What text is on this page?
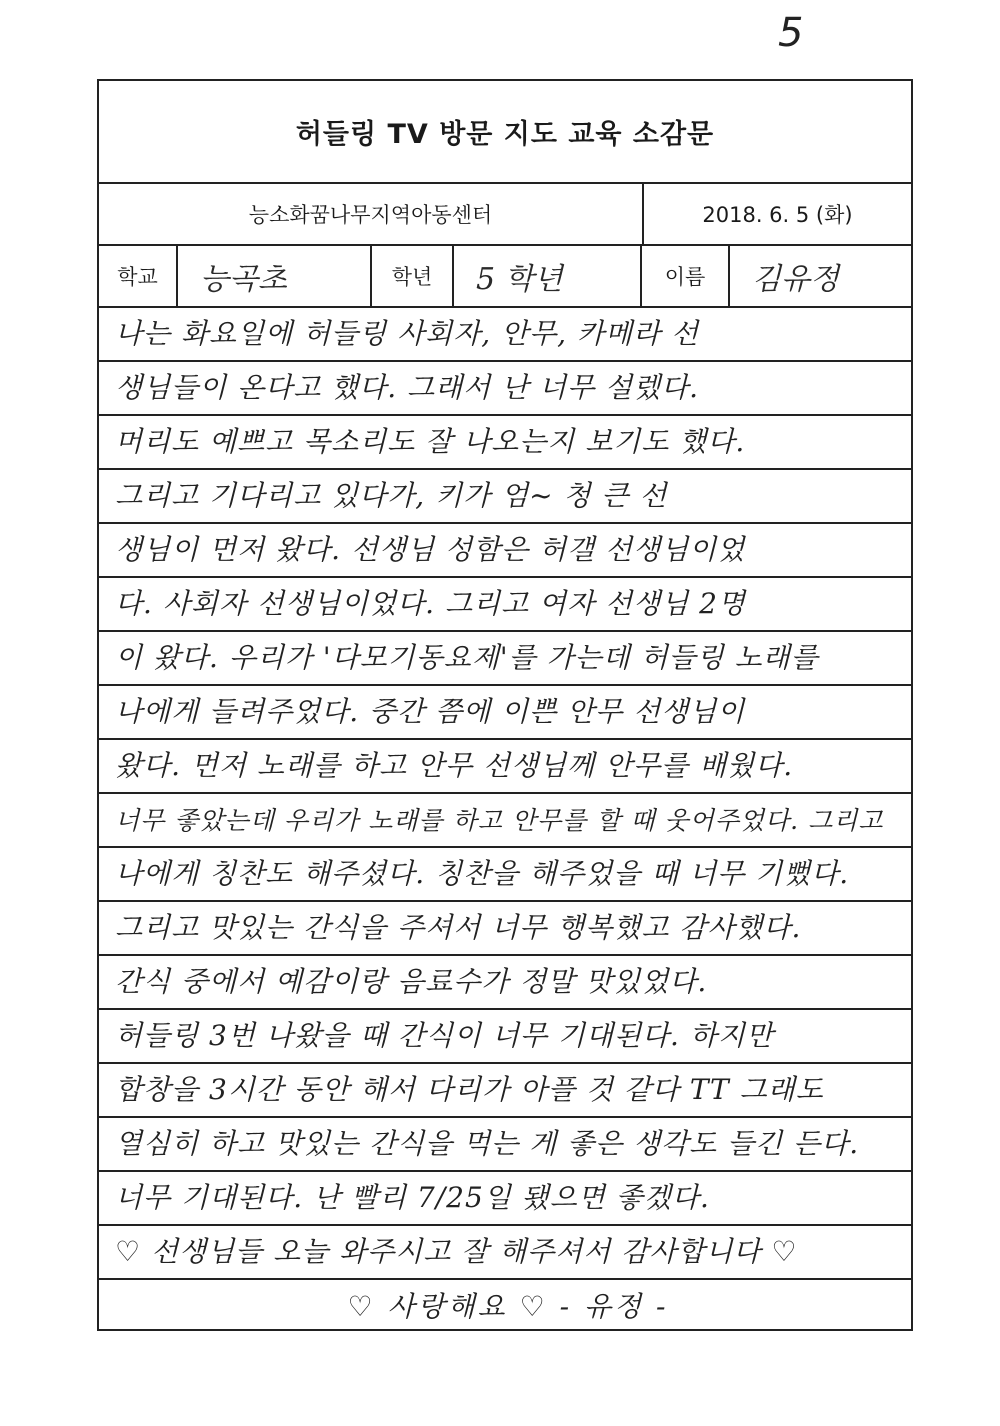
5
허들링 TV 방문 지도 교육 소감문
능소화꿈나무지역아동센터	2018. 6. 5 (화)
학교	능곡초	학년	5 학년	이름	김유정
나는 화요일에 허들링 사회자, 안무, 카메라 선
생님들이 온다고 했다. 그래서 난 너무 설렜다.
머리도 예쁘고 목소리도 잘 나오는지 보기도 했다.
그리고 기다리고 있다가, 키가 엄~ 청 큰 선
생님이 먼저 왔다. 선생님 성함은 허갤 선생님이었
다. 사회자 선생님이었다. 그리고 여자 선생님 2명
이 왔다. 우리가 '다모기동요제'를 가는데 허들링 노래를
나에게 들려주었다. 중간 쯤에 이쁜 안무 선생님이
왔다. 먼저 노래를 하고 안무 선생님께 안무를 배웠다.
너무 좋았는데 우리가 노래를 하고 안무를 할 때 웃어주었다. 그리고
나에게 칭찬도 해주셨다. 칭찬을 해주었을 때 너무 기뻤다.
그리고 맛있는 간식을 주셔서 너무 행복했고 감사했다.
간식 중에서 예감이랑 음료수가 정말 맛있었다.
허들링 3번 나왔을 때 간식이 너무 기대된다. 하지만
합창을 3시간 동안 해서 다리가 아플 것 같다 TT 그래도
열심히 하고 맛있는 간식을 먹는 게 좋은 생각도 들긴 든다.
너무 기대된다. 난 빨리 7/25일 됐으면 좋겠다.
♡ 선생님들 오늘 와주시고 잘 해주셔서 감사합니다 ♡
♡ 사랑해요 ♡ - 유정 -
